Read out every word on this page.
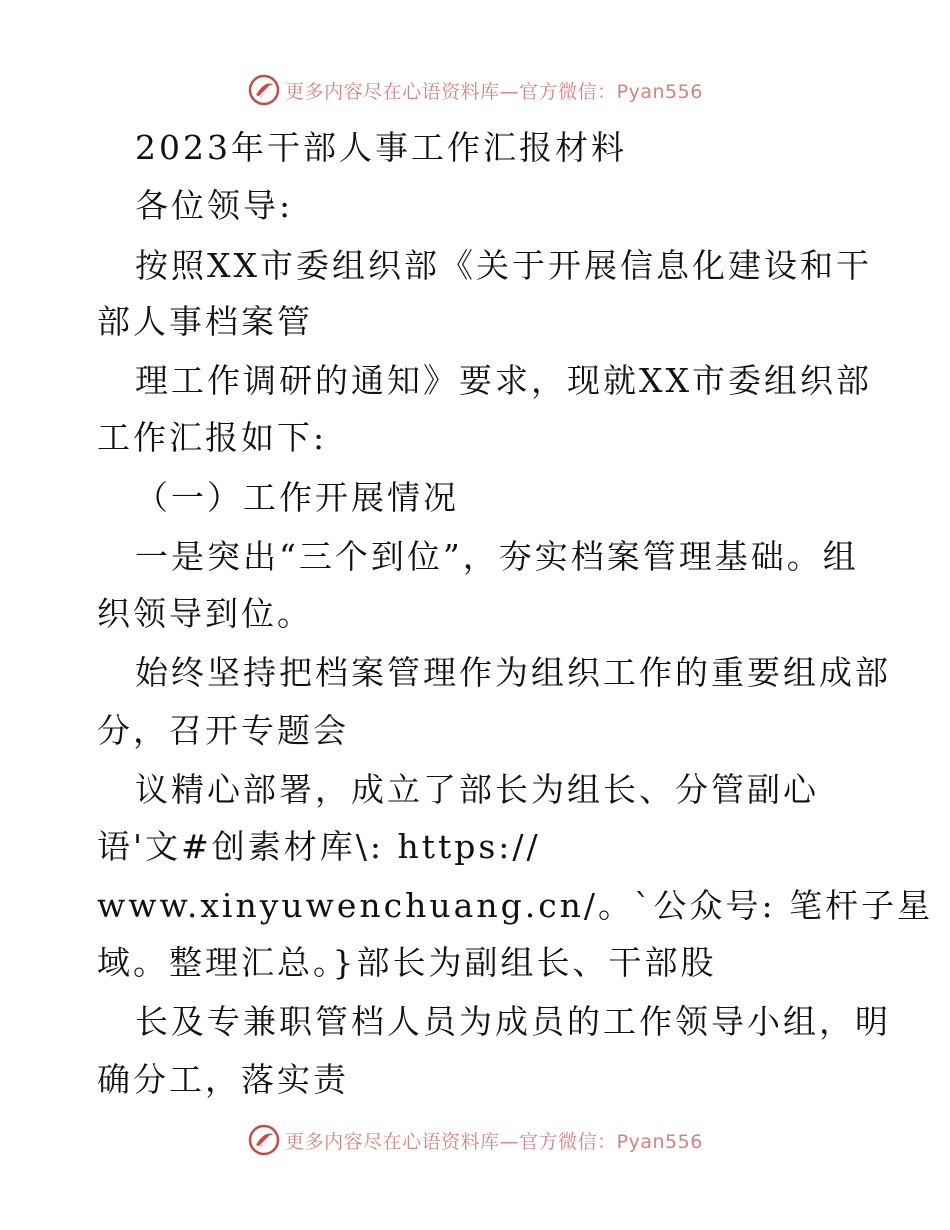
更多内容尽在心语资料库—官方微信：Pyan556
2023年干部人事工作汇报材料
各位领导:
按照XX市委组织部《关于开展信息化建设和干
部人事档案管
理工作调研的通知》要求，现就XX市委组织部
工作汇报如下:
（一）工作开展情况
一是突出“三个到位”，夯实档案管理基础。组
织领导到位。
始终坚持把档案管理作为组织工作的重要组成部
分，召开专题会
议精心部署，成立了部长为组长、分管副心
语'文#创素材库\: https://
www.xinyuwenchuang.cn/。`公众号: 笔杆子星
域。整理汇总。}部长为副组长、干部股
长及专兼职管档人员为成员的工作领导小组，明
确分工，落实责
更多内容尽在心语资料库—官方微信：Pyan556
